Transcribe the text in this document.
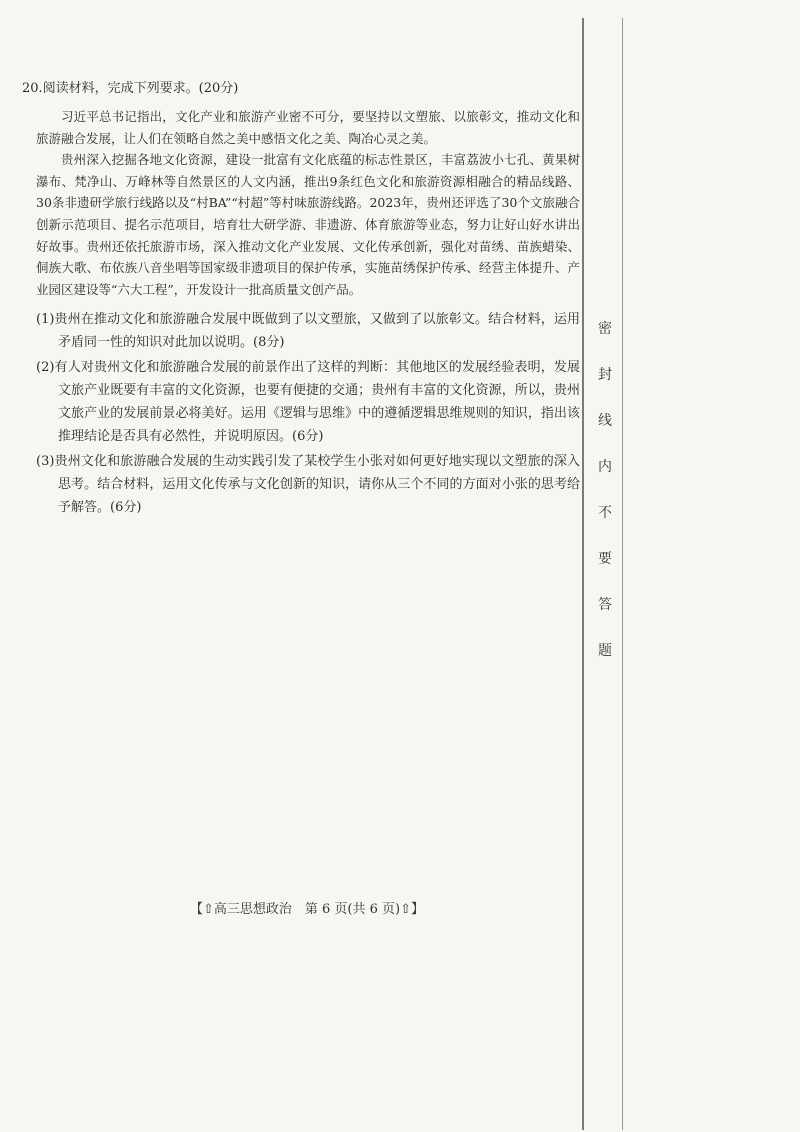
20.阅读材料，完成下列要求。(20分)

习近平总书记指出，文化产业和旅游产业密不可分，要坚持以文塑旅、以旅彰文，推动文化和旅游融合发展，让人们在领略自然之美中感悟文化之美、陶冶心灵之美。

贵州深入挖掘各地文化资源，建设一批富有文化底蕴的标志性景区，丰富荔波小七孔、黄果树瀑布、梵净山、万峰林等自然景区的人文内涵，推出9条红色文化和旅游资源相融合的精品线路、30条非遗研学旅行线路以及“村BA”“村超”等村味旅游线路。2023年，贵州还评选了30个文旅融合创新示范项目、提名示范项目，培育壮大研学游、非遗游、体育旅游等业态，努力让好山好水讲出好故事。贵州还依托旅游市场，深入推动文化产业发展、文化传承创新，强化对苗绣、苗族蜡染、侗族大歌、布依族八音坐唱等国家级非遗项目的保护传承，实施苗绣保护传承、经营主体提升、产业园区建设等“六大工程”，开发设计一批高质量文创产品。

(1)贵州在推动文化和旅游融合发展中既做到了以文塑旅，又做到了以旅彰文。结合材料，运用矛盾同一性的知识对此加以说明。(8分)

(2)有人对贵州文化和旅游融合发展的前景作出了这样的判断：其他地区的发展经验表明，发展文旅产业既要有丰富的文化资源，也要有便捷的交通；贵州有丰富的文化资源，所以，贵州文旅产业的发展前景必将美好。运用《逻辑与思维》中的遵循逻辑思维规则的知识，指出该推理结论是否具有必然性，并说明原因。(6分)

(3)贵州文化和旅游融合发展的生动实践引发了某校学生小张对如何更好地实现以文塑旅的深入思考。结合材料，运用文化传承与文化创新的知识，请你从三个不同的方面对小张的思考给予解答。(6分)

密
封
线
内
不
要
答
题
【⇧高三思想政治　第 6 页(共 6 页)⇧】
